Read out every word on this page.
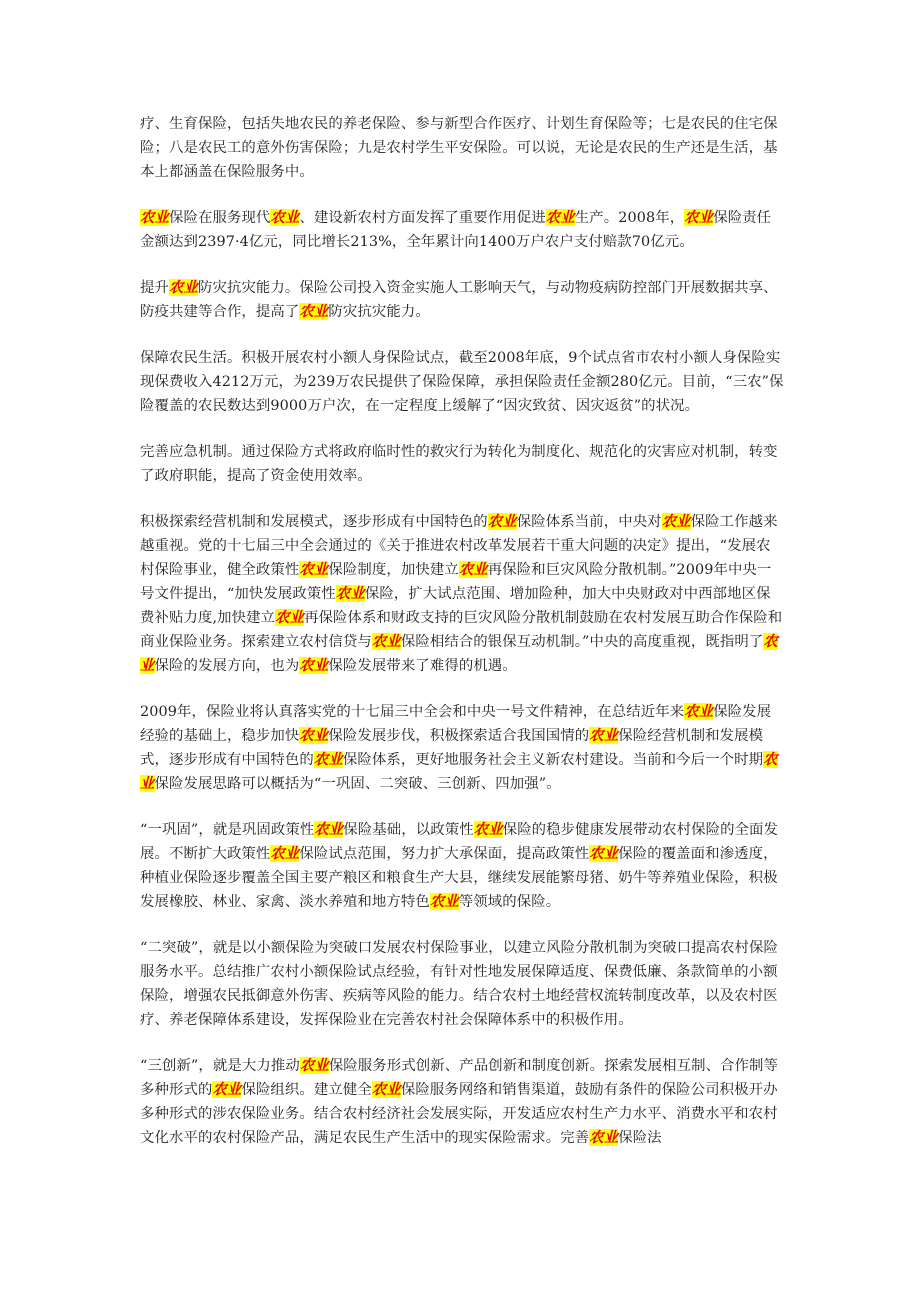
疗、生育保险，包括失地农民的养老保险、参与新型合作医疗、计划生育保险等；七是农民的住宅保险；八是农民工的意外伤害保险；九是农村学生平安保险。可以说，无论是农民的生产还是生活，基本上都涵盖在保险服务中。

农业保险在服务现代农业、建设新农村方面发挥了重要作用促进农业生产。2008年，农业保险责任金额达到2397·4亿元，同比增长213%，全年累计向1400万户农户支付赔款70亿元。

提升农业防灾抗灾能力。保险公司投入资金实施人工影响天气，与动物疫病防控部门开展数据共享、防疫共建等合作，提高了农业防灾抗灾能力。

保障农民生活。积极开展农村小额人身保险试点，截至2008年底，9个试点省市农村小额人身保险实现保费收入4212万元，为239万农民提供了保险保障，承担保险责任金额280亿元。目前，“三农”保险覆盖的农民数达到9000万户次，在一定程度上缓解了“因灾致贫、因灾返贫”的状况。

完善应急机制。通过保险方式将政府临时性的救灾行为转化为制度化、规范化的灾害应对机制，转变了政府职能，提高了资金使用效率。

积极探索经营机制和发展模式，逐步形成有中国特色的农业保险体系当前，中央对农业保险工作越来越重视。党的十七届三中全会通过的《关于推进农村改革发展若干重大问题的决定》提出，“发展农村保险事业，健全政策性农业保险制度，加快建立农业再保险和巨灾风险分散机制。”2009年中央一号文件提出，“加快发展政策性农业保险，扩大试点范围、增加险种，加大中央财政对中西部地区保费补贴力度,加快建立农业再保险体系和财政支持的巨灾风险分散机制鼓励在农村发展互助合作保险和商业保险业务。探索建立农村信贷与农业保险相结合的银保互动机制。”中央的高度重视，既指明了农业保险的发展方向，也为农业保险发展带来了难得的机遇。

2009年，保险业将认真落实党的十七届三中全会和中央一号文件精神，在总结近年来农业保险发展经验的基础上，稳步加快农业保险发展步伐，积极探索适合我国国情的农业保险经营机制和发展模式，逐步形成有中国特色的农业保险体系，更好地服务社会主义新农村建设。当前和今后一个时期农业保险发展思路可以概括为“一巩固、二突破、三创新、四加强”。

“一巩固”，就是巩固政策性农业保险基础，以政策性农业保险的稳步健康发展带动农村保险的全面发展。不断扩大政策性农业保险试点范围，努力扩大承保面，提高政策性农业保险的覆盖面和渗透度，种植业保险逐步覆盖全国主要产粮区和粮食生产大县，继续发展能繁母猪、奶牛等养殖业保险，积极发展橡胶、林业、家禽、淡水养殖和地方特色农业等领域的保险。

“二突破”，就是以小额保险为突破口发展农村保险事业，以建立风险分散机制为突破口提高农村保险服务水平。总结推广农村小额保险试点经验，有针对性地发展保障适度、保费低廉、条款简单的小额保险，增强农民抵御意外伤害、疾病等风险的能力。结合农村土地经营权流转制度改革，以及农村医疗、养老保障体系建设，发挥保险业在完善农村社会保障体系中的积极作用。

“三创新”，就是大力推动农业保险服务形式创新、产品创新和制度创新。探索发展相互制、合作制等多种形式的农业保险组织。建立健全农业保险服务网络和销售渠道，鼓励有条件的保险公司积极开办多种形式的涉农保险业务。结合农村经济社会发展实际，开发适应农村生产力水平、消费水平和农村文化水平的农村保险产品，满足农民生产生活中的现实保险需求。完善农业保险法
